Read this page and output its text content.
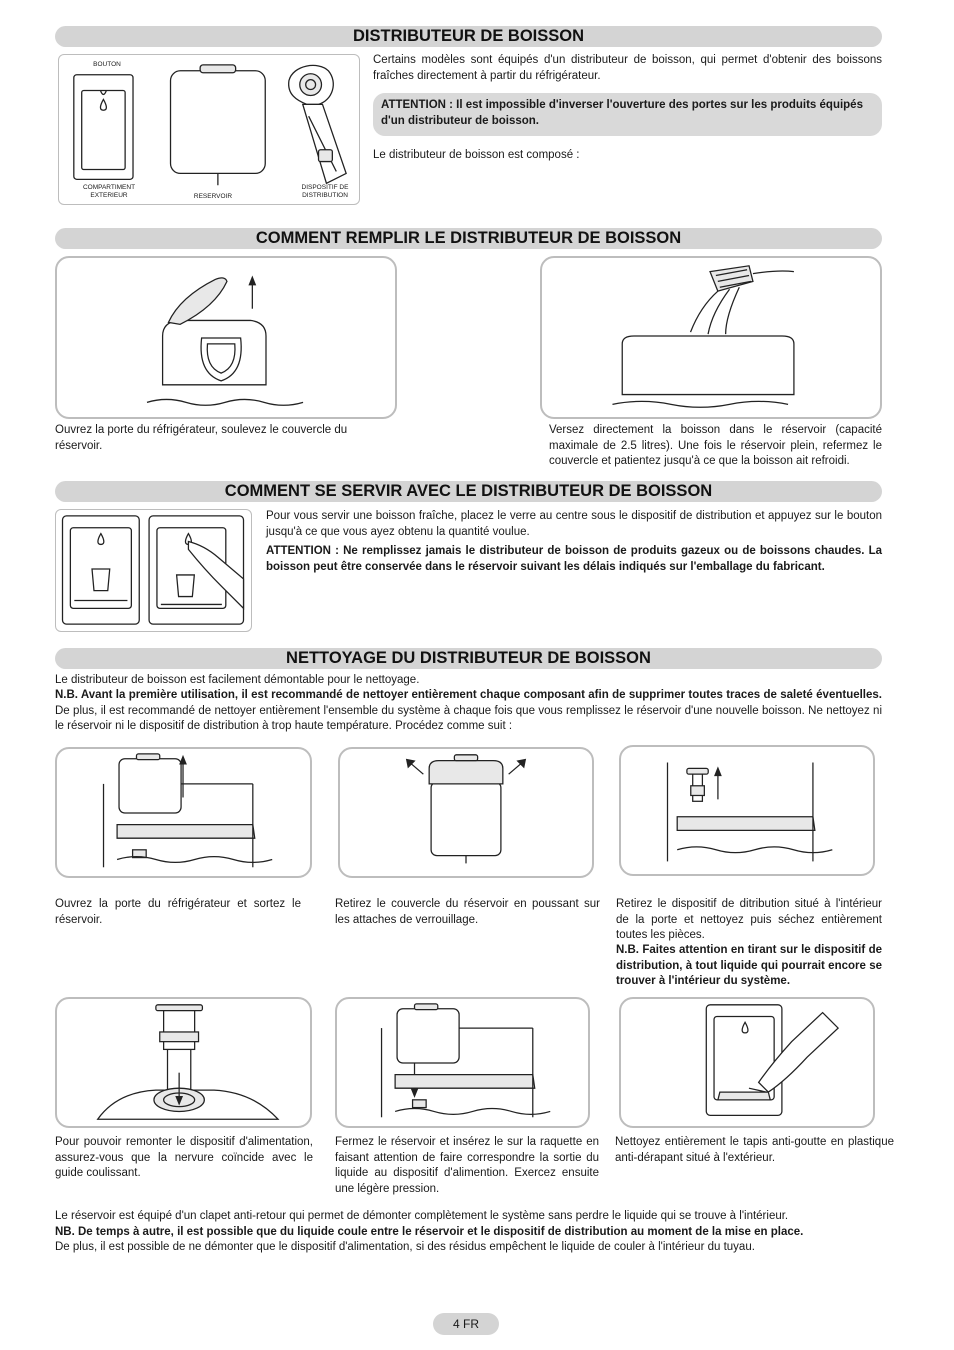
DISTRIBUTEUR DE BOISSON
BOUTON
COMPARTIMENT EXTERIEUR	RESERVOIR
DISPOSITIF DE DISTRIBUTION
Certains modèles sont équipés d'un distributeur de boisson, qui permet d'obtenir des boissons fraîches directement à partir du réfrigérateur.
ATTENTION : Il est impossible d'inverser l'ouverture des portes sur les produits équipés d'un distributeur de boisson.
Le distributeur de boisson est composé :
COMMENT REMPLIR LE DISTRIBUTEUR DE BOISSON
Ouvrez la porte du réfrigérateur, soulevez le couvercle du réservoir.
Versez directement la boisson dans le réservoir (capacité maximale de 2.5 litres). Une fois le réservoir plein, refermez le couvercle et patientez jusqu'à ce que la boisson ait refroidi.
COMMENT SE SERVIR AVEC LE DISTRIBUTEUR DE BOISSON
Pour vous servir une boisson fraîche, placez le verre au centre sous le dispositif de distribution et appuyez sur le bouton jusqu'à ce que vous ayez obtenu la quantité voulue.
ATTENTION : Ne remplissez jamais le distributeur de boisson de produits gazeux ou de boissons chaudes. La boisson peut être conservée dans le réservoir suivant les délais indiqués sur l'emballage du fabricant.
NETTOYAGE DU DISTRIBUTEUR DE BOISSON
Le distributeur de boisson est facilement démontable pour le nettoyage.
N.B. Avant la première utilisation, il est recommandé de nettoyer entièrement chaque composant afin de supprimer toutes traces de saleté éventuelles. De plus, il est recommandé de nettoyer entièrement l'ensemble du système à chaque fois que vous remplissez le réservoir d'une nouvelle boisson. Ne nettoyez ni le réservoir ni le dispositif de distribution à trop haute température. Procédez comme suit :
Ouvrez la porte du réfrigérateur et sortez le réservoir.
Retirez le couvercle du réservoir en poussant sur les attaches de verrouillage.
Retirez le dispositif de ditribution situé à l'intérieur de la porte et nettoyez puis séchez entièrement toutes les pièces.
N.B. Faites attention en tirant sur le dispositif de distribution, à tout liquide qui pourrait encore se trouver à l'intérieur du système.
Pour pouvoir remonter le dispositif d'alimentation, assurez-vous que la nervure coïncide avec le guide coulissant.
Fermez le réservoir et insérez le sur la raquette en faisant attention de faire correspondre la sortie du liquide au dispositif d'alimention. Exercez ensuite une légère pression.
Nettoyez entièrement le tapis anti-goutte en plastique anti-dérapant situé à l'extérieur.
Le réservoir est équipé d'un clapet anti-retour qui permet de démonter complètement le système sans perdre le liquide qui se trouve à l'intérieur.
NB. De temps à autre, il est possible que du liquide coule entre le réservoir et le dispositif de distribution au moment de la mise en place.
De plus, il est possible de ne démonter que le dispositif d'alimentation, si des résidus empêchent le liquide de couler à l'intérieur du tuyau.
4 FR
